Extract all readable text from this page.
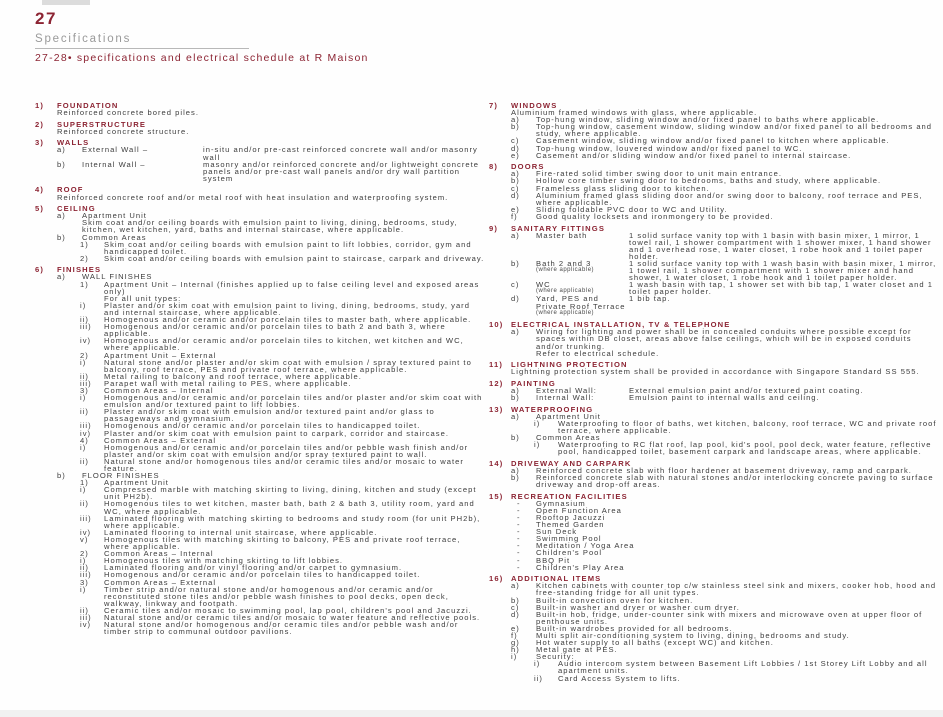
27
Specifications
27-28• specifications and electrical schedule at R Maison
1)	FOUNDATION
Reinforced concrete bored piles.
2)	SUPERSTRUCTURE
Reinforced concrete structure.
3)	WALLS
a)	External Wall –	in-situ and/or pre-cast reinforced concrete wall and/or masonry wall
b)	Internal Wall –	masonry and/or reinforced concrete and/or lightweight concrete panels and/or pre-cast wall panels and/or dry wall partition system
4)	ROOF
Reinforced concrete roof and/or metal roof with heat insulation and waterproofing system.
5)	CEILING
a)	Apartment Unit
Skim coat and/or ceiling boards with emulsion paint to living, dining, bedrooms, study, kitchen, wet kitchen, yard, baths and internal staircase, where applicable.
b)	Common Areas
1)	Skim coat and/or ceiling boards with emulsion paint to lift lobbies, corridor, gym and handicapped toilet.
2)	Skim coat and/or ceiling boards with emulsion paint to staircase, carpark and driveway.
6)	FINISHES
a)	WALL FINISHES
1)	Apartment Unit – Internal (finishes applied up to false ceiling level and exposed areas only)
For all unit types:
i)	Plaster and/or skim coat with emulsion paint to living, dining, bedrooms, study, yard and internal staircase, where applicable.
ii)	Homogenous and/or ceramic and/or porcelain tiles to master bath, where applicable.
iii)	Homogenous and/or ceramic and/or porcelain tiles to bath 2 and bath 3, where applicable.
iv)	Homogenous and/or ceramic and/or porcelain tiles to kitchen, wet kitchen and WC, where applicable.
2)	Apartment Unit – External
i)	Natural stone and/or plaster and/or skim coat with emulsion / spray textured paint to balcony, roof terrace, PES and private roof terrace, where applicable.
ii)	Metal railing to balcony and roof terrace, where applicable.
iii)	Parapet wall with metal railing to PES, where applicable.
3)	Common Areas – Internal
i)	Homogenous and/or ceramic and/or porcelain tiles and/or plaster and/or skim coat with emulsion and/or textured paint to lift lobbies.
ii)	Plaster and/or skim coat with emulsion and/or textured paint and/or glass to passageways and gymnasium.
iii)	Homogenous and/or ceramic and/or porcelain tiles to handicapped toilet.
iv)	Plaster and/or skim coat with emulsion paint to carpark, corridor and staircase.
4)	Common Areas – External
i)	Homogenous and/or ceramic and/or porcelain tiles and/or pebble wash finish and/or plaster and/or skim coat with emulsion and/or spray textured paint to wall.
ii)	Natural stone and/or homogenous tiles and/or ceramic tiles and/or mosaic to water feature.
b)	FLOOR FINISHES
1)	Apartment Unit
i)	Compressed marble with matching skirting to living, dining, kitchen and study (except unit PH2b).
ii)	Homogenous tiles to wet kitchen, master bath, bath 2 & bath 3, utility room, yard and WC, where applicable.
iii)	Laminated flooring with matching skirting to bedrooms and study room (for unit PH2b), where applicable.
iv)	Laminated flooring to internal unit staircase, where applicable.
v)	Homogenous tiles with matching skirting to balcony, PES and private roof terrace, where applicable.
2)	Common Areas – Internal
i)	Homogenous tiles with matching skirting to lift lobbies.
ii)	Laminated flooring and/or vinyl flooring and/or carpet to gymnasium.
iii)	Homogenous and/or ceramic and/or porcelain tiles to handicapped toilet.
3)	Common Areas – External
i)	Timber strip and/or natural stone and/or homogenous and/or ceramic and/or reconstituted stone tiles and/or pebble wash finishes to pool decks, open deck, walkway, linkway and footpath.
ii)	Ceramic tiles and/or mosaic to swimming pool, lap pool, children's pool and Jacuzzi.
iii)	Natural stone and/or ceramic tiles and/or mosaic to water feature and reflective pools.
iv)	Natural stone and/or homogenous and/or ceramic tiles and/or pebble wash and/or timber strip to communal outdoor pavilions.
7)	WINDOWS
Aluminium framed windows with glass, where applicable.
a)	Top-hung window, sliding window and/or fixed panel to baths where applicable.
b)	Top-hung window, casement window, sliding window and/or fixed panel to all bedrooms and study, where applicable.
c)	Casement window, sliding window and/or fixed panel to kitchen where applicable.
d)	Top-hung window, louvered window and/or fixed panel to WC.
e)	Casement and/or sliding window and/or fixed panel to internal staircase.
8)	DOORS
a)	Fire-rated solid timber swing door to unit main entrance.
b)	Hollow core timber swing door to bedrooms, baths and study, where applicable.
c)	Frameless glass sliding door to kitchen.
d)	Aluminium framed glass sliding door and/or swing door to balcony, roof terrace and PES, where applicable.
e)	Sliding foldable PVC door to WC and Utility.
f)	Good quality locksets and ironmongery to be provided.
9)	SANITARY FITTINGS
a)	Master bath	1 solid surface vanity top with 1 basin with basin mixer, 1 mirror, 1 towel rail, 1 shower compartment with 1 shower mixer, 1 hand shower and 1 overhead rose, 1 water closet, 1 robe hook and 1 toilet paper holder.
b)	Bath 2 and 3
(where applicable)
1 solid surface vanity top with 1 wash basin with basin mixer, 1 mirror, 1 towel rail, 1 shower compartment with 1 shower mixer and hand shower, 1 water closet, 1 robe hook and 1 toilet paper holder.
c)	WC
(where applicable)
1 wash basin with tap, 1 shower set with bib tap, 1 water closet and 1 toilet paper holder.
d)	Yard, PES and Private Roof Terrace
(where applicable)
1 bib tap.
10) ELECTRICAL INSTALLATION, TV & TELEPHONE
a)	Wiring for lighting and power shall be in concealed conduits where possible except for spaces within DB closet, areas above false ceilings, which will be in exposed conduits and/or trunking.
Refer to electrical schedule.
11)	LIGHTNING PROTECTION
Lightning protection system shall be provided in accordance with Singapore Standard SS 555.
12) PAINTING
a)	External Wall:	External emulsion paint and/or textured paint coating.
b)	Internal Wall:	Emulsion paint to internal walls and ceiling.
13) WATERPROOFING
a)	Apartment Unit
i)	Waterproofing to floor of baths, wet kitchen, balcony, roof terrace, WC and private roof terrace, where applicable.
b)	Common Areas
i)	Waterproofing to RC flat roof, lap pool, kid's pool, pool deck, water feature, reflective pool, handicapped toilet, basement carpark and landscape areas, where applicable.
14) DRIVEWAY AND CARPARK
a)	Reinforced concrete slab with floor hardener at basement driveway, ramp and carpark.
b)	Reinforced concrete slab with natural stones and/or interlocking concrete paving to surface driveway and drop-off areas.
15) RECREATION FACILITIES
-	Gymnasium
-	Open Function Area
-	Rooftop Jacuzzi
-	Themed Garden
-	Sun Deck
-	Swimming Pool
-	Meditation / Yoga Area
-	Children's Pool
-	BBQ Pit
-	Children's Play Area
16) ADDITIONAL ITEMS
a)	Kitchen cabinets with counter top c/w stainless steel sink and mixers, cooker hob, hood and free-standing fridge for all unit types.
b)	Built-in convection oven for kitchen.
c)	Built-in washer and dryer or washer cum dryer.
d)	Built-in hob, fridge, under-counter sink with mixers and microwave oven at upper floor of penthouse units.
e)	Built-in wardrobes provided for all bedrooms.
f)	Multi split air-conditioning system to living, dining, bedrooms and study.
g)	Hot water supply to all baths (except WC) and kitchen.
h)	Metal gate at PES.
i)	Security:
i)	Audio intercom system between Basement Lift Lobbies / 1st Storey Lift Lobby and all apartment units.
ii)	Card Access System to lifts.
